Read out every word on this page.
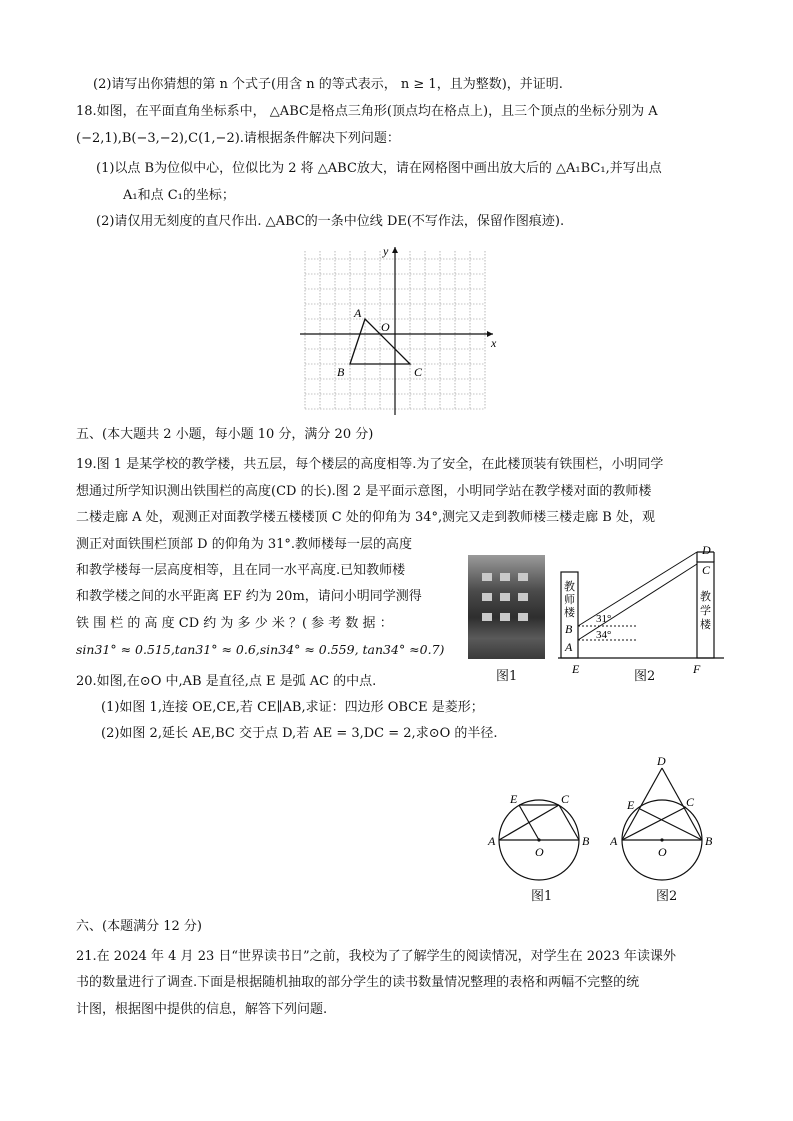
(2)请写出你猜想的第 n 个式子(用含 n 的等式表示， n ≥ 1，且为整数)，并证明.
18.如图，在平面直角坐标系中， △ABC是格点三角形(顶点均在格点上)，且三个顶点的坐标分别为 A
(−2,1),B(−3,−2),C(1,−2).请根据条件解决下列问题：
(1)以点 B为位似中心，位似比为 2 将 △ABC放大，请在网格图中画出放大后的 △A₁BC₁,并写出点
A₁和点 C₁的坐标；
(2)请仅用无刻度的直尺作出. △ABC的一条中位线 DE(不写作法，保留作图痕迹).
A
B	C
O
x
y
五、(本大题共 2 小题，每小题 10 分，满分 20 分)
19.图 1 是某学校的教学楼，共五层，每个楼层的高度相等.为了安全，在此楼顶装有铁围栏，小明同学
想通过所学知识测出铁围栏的高度(CD 的长).图 2 是平面示意图，小明同学站在教学楼对面的教师楼
二楼走廊 A 处，观测正对面教学楼五楼楼顶 C 处的仰角为 34°,测完又走到教师楼三楼走廊 B 处，观
测正对面铁围栏顶部 D 的仰角为 31°.教师楼每一层的高度
和教学楼每一层高度相等，且在同一水平高度.已知教师楼
和教学楼之间的水平距离 EF 约为 20m，请问小明同学测得
铁 围 栏 的 高 度 CD 约 为 多 少 米 ？( 参 考 数 据 ：
sin31° ≈ 0.515,tan31° ≈ 0.6,sin34° ≈ 0.559, tan34° ≈0.7)
图1
教
师
楼
教
学
楼
31°
34°
D
C
B
A
E	F
图2
20.如图,在⊙O 中,AB 是直径,点 E 是弧 AC 的中点.
(1)如图 1,连接 OE,CE,若 CE∥AB,求证：四边形 OBCE 是菱形；
(2)如图 2,延长 AE,BC 交于点 D,若 AE = 3,DC = 2,求⊙O 的半径.
E	C
A	B
O
图1
D
E	C
A	B
O
图2
六、(本题满分 12 分)
21.在 2024 年 4 月 23 日“世界读书日”之前，我校为了了解学生的阅读情况，对学生在 2023 年读课外
书的数量进行了调查.下面是根据随机抽取的部分学生的读书数量情况整理的表格和两幅不完整的统
计图，根据图中提供的信息，解答下列问题.
